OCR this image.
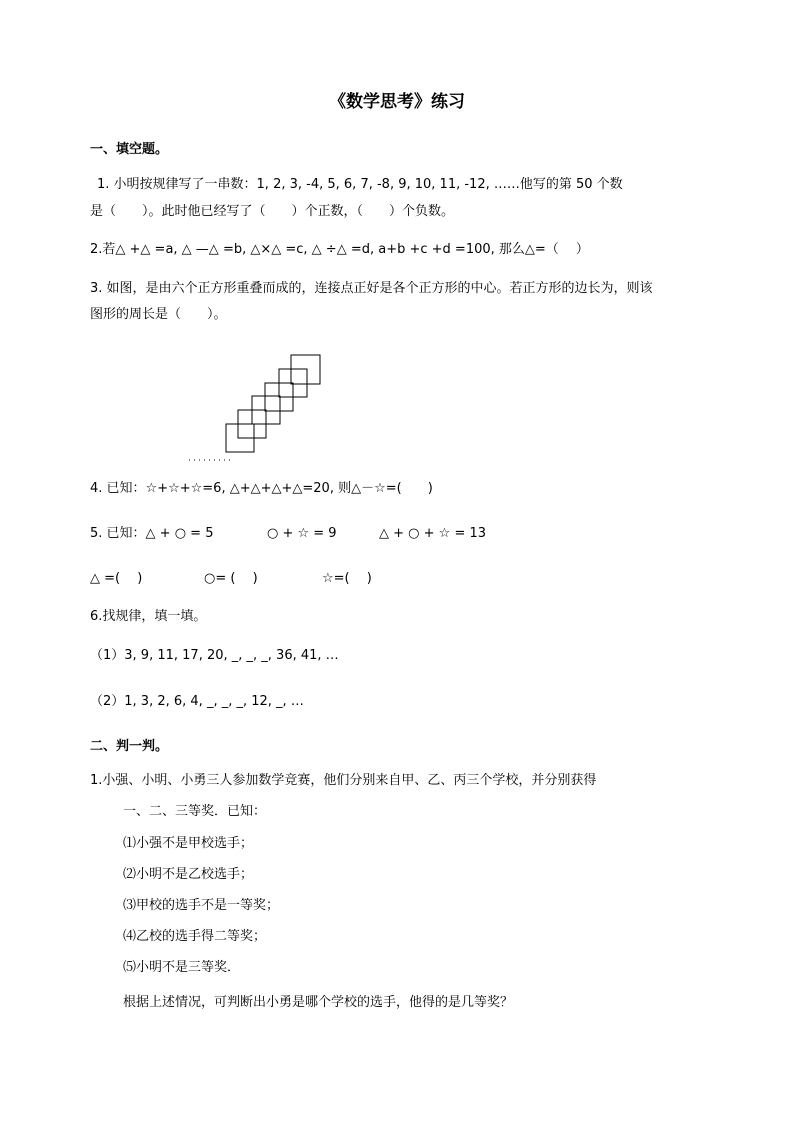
《数学思考》练习
一、填空题。
1. 小明按规律写了一串数：1, 2, 3, -4, 5, 6, 7, -8, 9, 10, 11, -12, ……他写的第 50 个数
是（　　）。此时他已经写了（　　）个正数，（　　）个负数。
2.若△ +△ =a, △ —△ =b, △×△ =c, △ ÷△ =d, a+b +c +d =100, 那么△=（　 ）
3. 如图，是由六个正方形重叠而成的，连接点正好是各个正方形的中心。若正方形的边长为，则该
图形的周长是（　　）。
4. 已知：☆+☆+☆=6, △+△+△+△=20, 则△－☆=(　　)
5. 已知：△ + ○ = 5	○ + ☆ = 9	△ + ○ + ☆ = 13
△ =(　 )	○= (　 )	☆=(　 )
6.找规律，填一填。
（1）3, 9, 11, 17, 20, _, _, _, 36, 41, …
（2）1, 3, 2, 6, 4, _, _, _, 12, _, …
二、判一判。
1.小强、小明、小勇三人参加数学竞赛，他们分别来自甲、乙、丙三个学校，并分别获得
一、二、三等奖．已知：
⑴小强不是甲校选手；
⑵小明不是乙校选手；
⑶甲校的选手不是一等奖；
⑷乙校的选手得二等奖；
⑸小明不是三等奖．
根据上述情况，可判断出小勇是哪个学校的选手，他得的是几等奖？
